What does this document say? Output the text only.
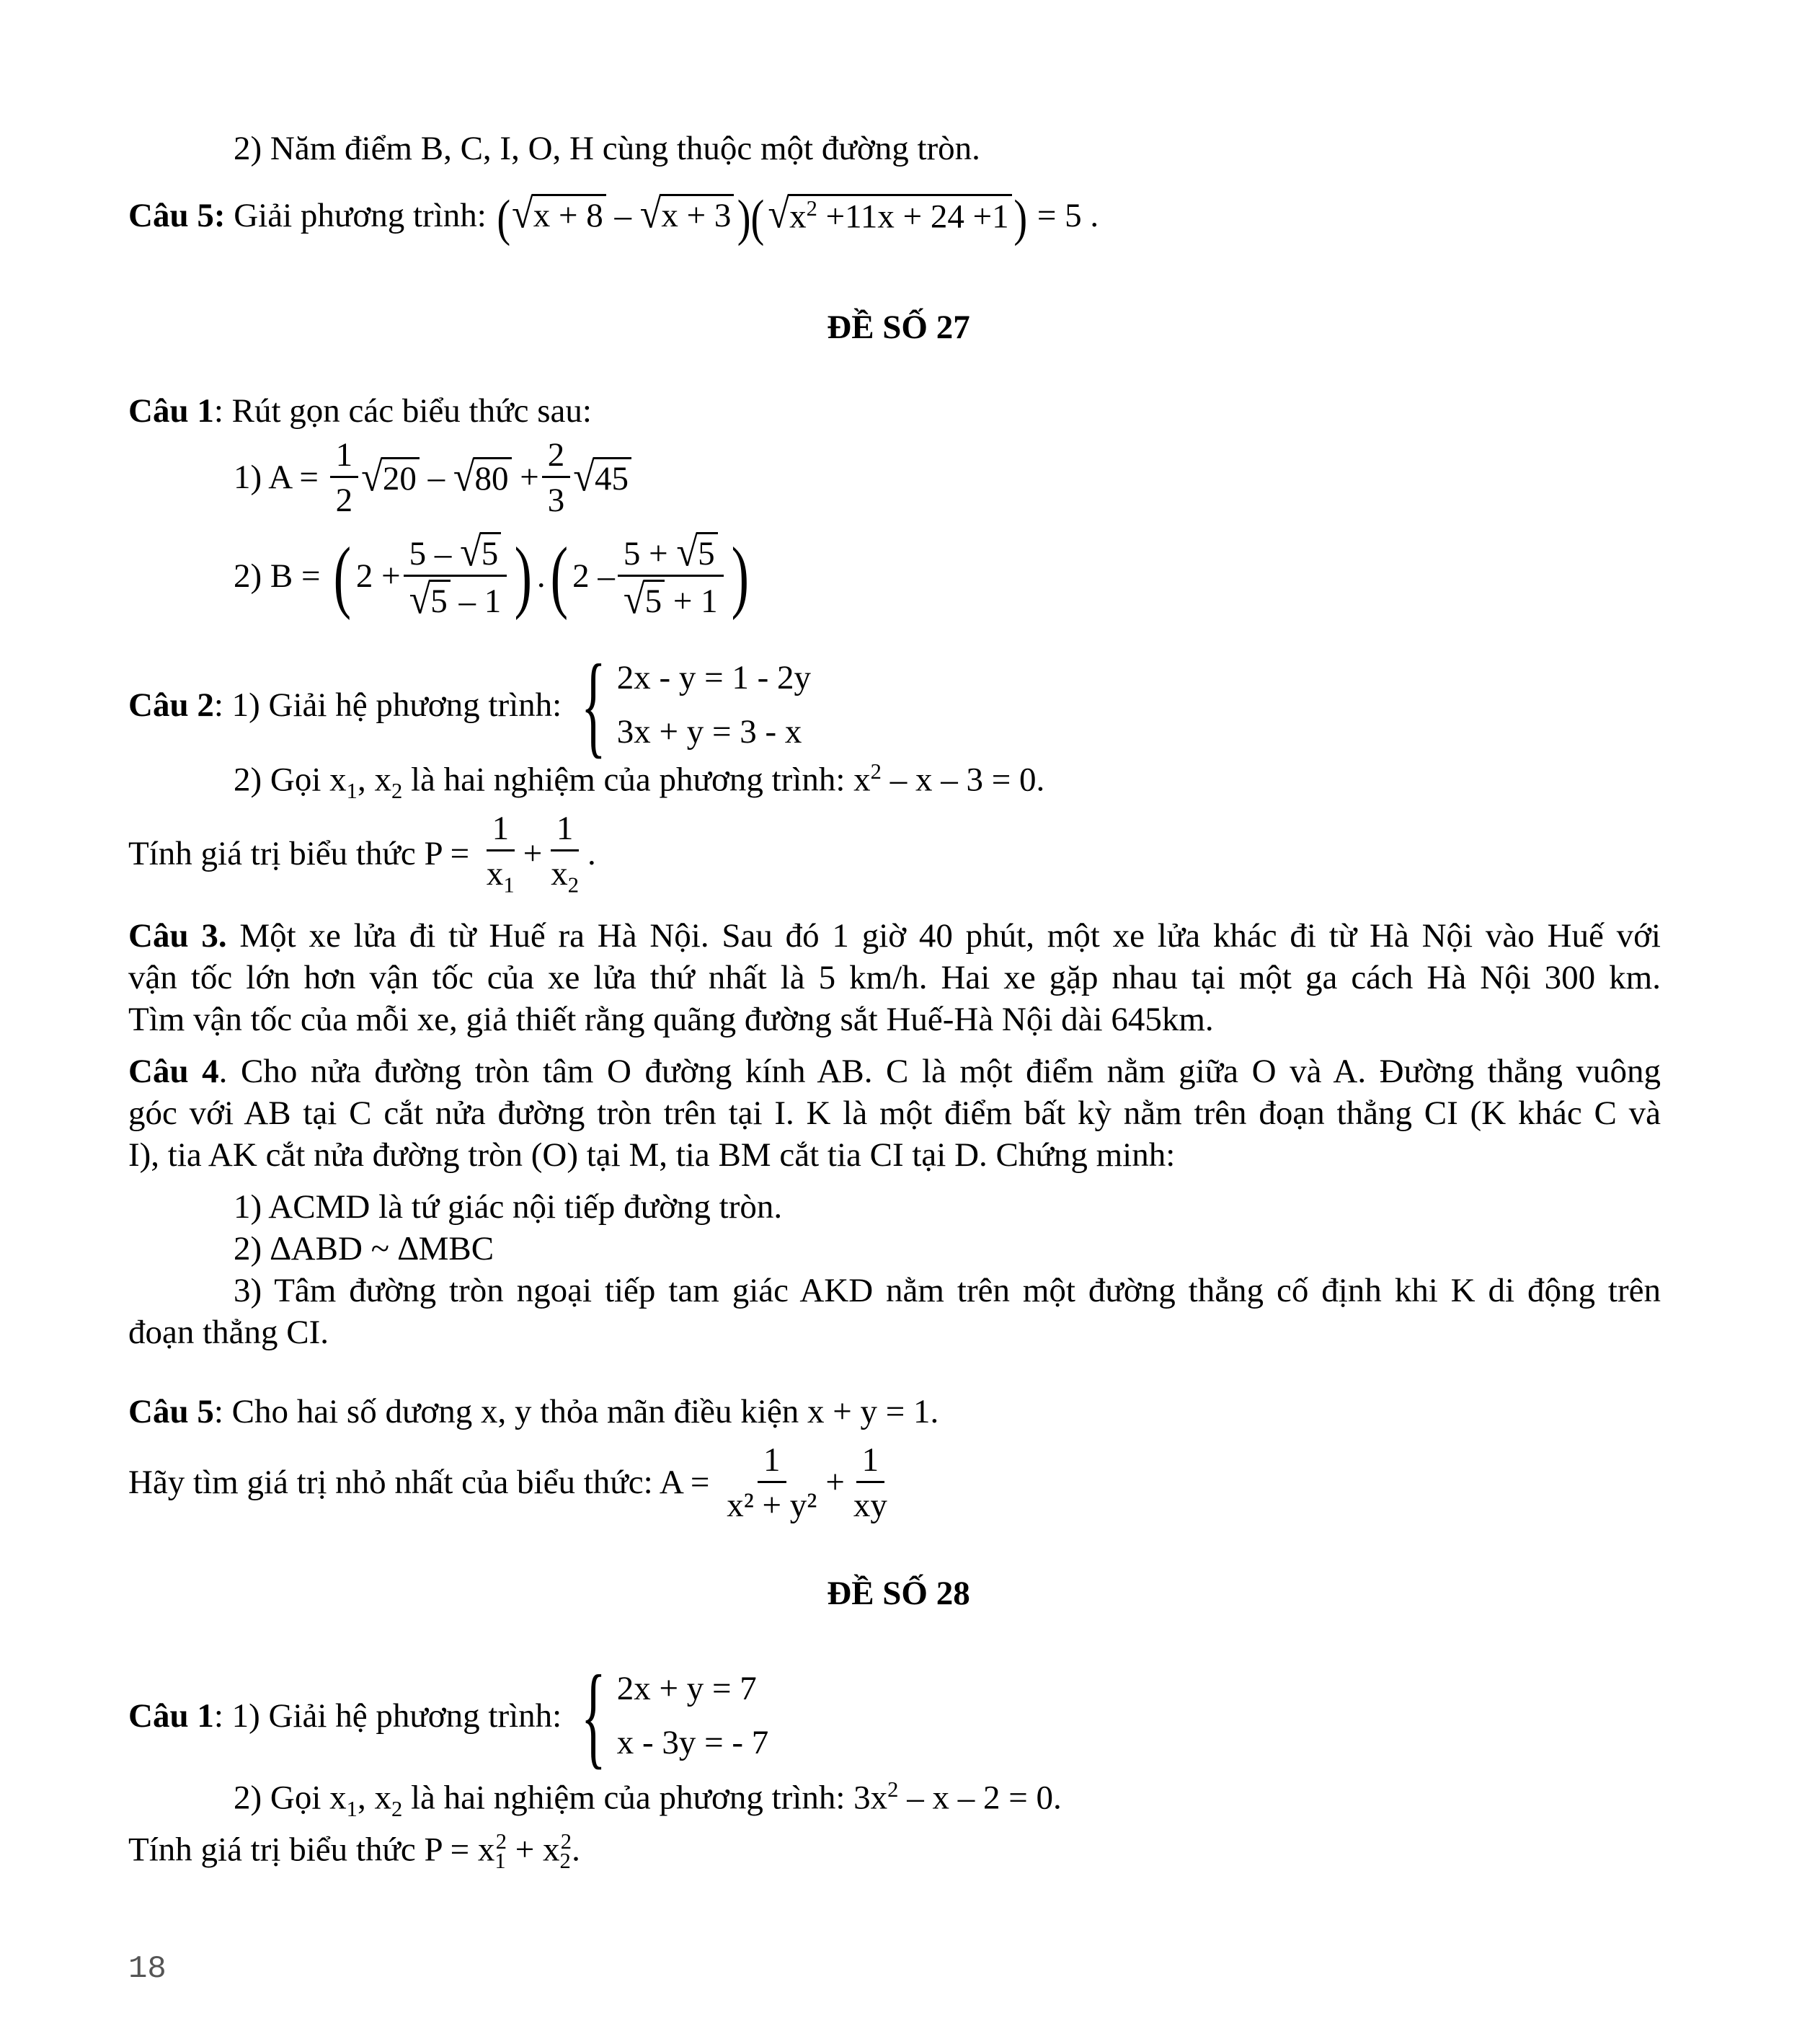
2) Năm điểm B, C, I, O, H cùng thuộc một đường tròn.
Câu 5: Giải phương trình: ( √ x + 8 – √ x + 3 )( √ $x^2 +11x + 24 +1$ ) = 5 .
ĐỀ SỐ 27
Câu 1: Rút gọn các biểu thức sau:
1) A =
$\frac{1}{2}$ √ 20 – √ $80 + \frac{2}{3}$ √ 45
2) B =
( $2 + \frac{5 - √ 5}{√ 5 - 1}$ ) . ( $2 - \frac{5 + √ 5}{√ 5 + 1}$ )
Câu 2 : 1) Giải hệ phương trình:
{ 2x - y = 1 - 2y
3x + y = 3 - x
2) Gọi $x_1$, $x_2$ là hai nghiệm của phương trình: $x^2 - x - 3 = 0$.
Tính giá trị biểu thức P =
$\frac{1}{x_1} + \frac{1}{x_2}$ .
Câu 3. Một xe lửa đi từ Huế ra Hà Nội. Sau đó 1 giờ 40 phút, một xe lửa khác đi từ Hà Nội vào Huế với
vận tốc lớn hơn vận tốc của xe lửa thứ nhất là 5 km/h. Hai xe gặp nhau tại một ga cách Hà Nội 300 km.
Tìm vận tốc của mỗi xe, giả thiết rằng quãng đường sắt Huế-Hà Nội dài 645km.
Câu 4. Cho nửa đường tròn tâm O đường kính AB. C là một điểm nằm giữa O và A. Đường thẳng vuông
góc với AB tại C cắt nửa đường tròn trên tại I. K là một điểm bất kỳ nằm trên đoạn thẳng CI (K khác C và
I), tia AK cắt nửa đường tròn (O) tại M, tia BM cắt tia CI tại D. Chứng minh:
1) ACMD là tứ giác nội tiếp đường tròn.
2) ∆ABD ~ ∆MBC
3) Tâm đường tròn ngoại tiếp tam giác AKD nằm trên một đường thẳng cố định khi K di động trên
đoạn thẳng CI.
Câu 5: Cho hai số dương x, y thỏa mãn điều kiện x + y = 1.
Hãy tìm giá trị nhỏ nhất của biểu thức: A =
$\frac{1}{\text{x² + y²}} + \frac{1}{xy}$
ĐỀ SỐ 28
Câu 1 : 1) Giải hệ phương trình:
{ 2x + y = 7
x - 3y = - 7
2) Gọi $x_1$, $x_2$ là hai nghiệm của phương trình: $3x^2 - x - 2 = 0$.
Tính giá trị biểu thức $P = x_1^2 + x_2^2$.
18
